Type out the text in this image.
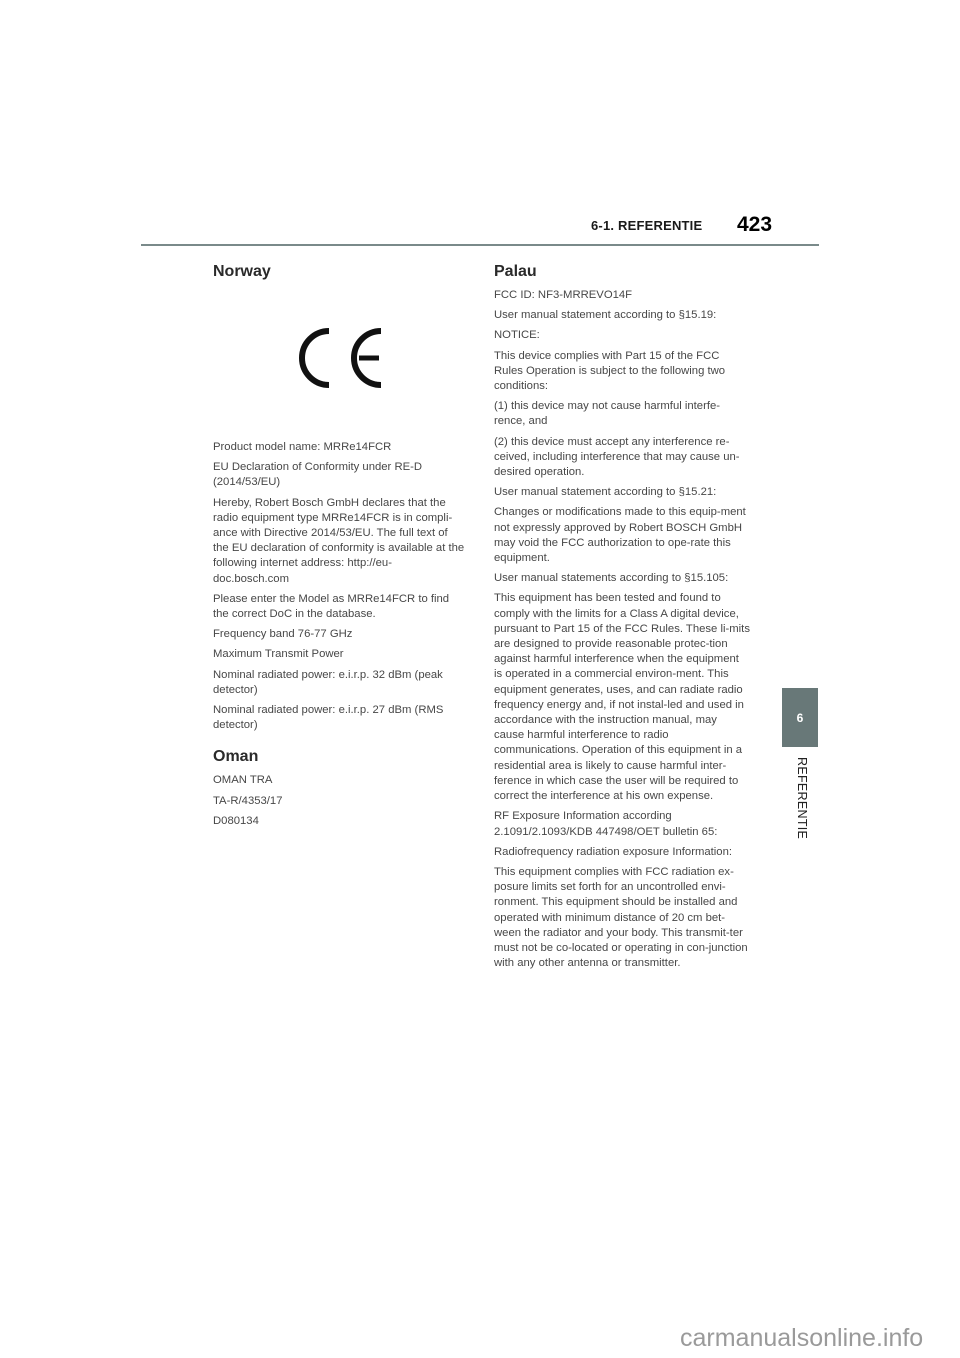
6-1. REFERENTIE 423
Norway

Product model name: MRRe14FCR

EU Declaration of Conformity under RE-D (2014/53/EU)

Hereby, Robert Bosch GmbH declares that the radio equipment type MRRe14FCR is in compli-ance with Directive 2014/53/EU. The full text of the EU declaration of conformity is available at the following internet address: http://eu-doc.bosch.com

Please enter the Model as MRRe14FCR to find the correct DoC in the database.

Frequency band 76-77 GHz

Maximum Transmit Power

Nominal radiated power: e.i.r.p. 32 dBm (peak detector)

Nominal radiated power: e.i.r.p. 27 dBm (RMS detector)

Oman

OMAN TRA

TA-R/4353/17

D080134

Palau

FCC ID: NF3-MRREVO14F

User manual statement according to §15.19:

NOTICE:

This device complies with Part 15 of the FCC Rules Operation is subject to the following two conditions:

(1) this device may not cause harmful interfe-rence, and

(2) this device must accept any interference re-ceived, including interference that may cause un-desired operation.

User manual statement according to §15.21:

Changes or modifications made to this equip-ment not expressly approved by Robert BOSCH GmbH may void the FCC authorization to ope-rate this equipment.

User manual statements according to §15.105:

This equipment has been tested and found to comply with the limits for a Class A digital device, pursuant to Part 15 of the FCC Rules. These li-mits are designed to provide reasonable protec-tion against harmful interference when the equipment is operated in a commercial environ-ment. This equipment generates, uses, and can radiate radio frequency energy and, if not instal-led and used in accordance with the instruction manual, may cause harmful interference to radio communications. Operation of this equipment in a residential area is likely to cause harmful inter-ference in which case the user will be required to correct the interference at his own expense.

RF Exposure Information according 2.1091/2.1093/KDB 447498/OET bulletin 65:

Radiofrequency radiation exposure Information:

This equipment complies with FCC radiation ex-posure limits set forth for an uncontrolled envi-ronment. This equipment should be installed and operated with minimum distance of 20 cm bet-ween the radiator and your body. This transmit-ter must not be co-located or operating in con-junction with any other antenna or transmitter.

6
REFERENTIE
carmanualsonline.info
